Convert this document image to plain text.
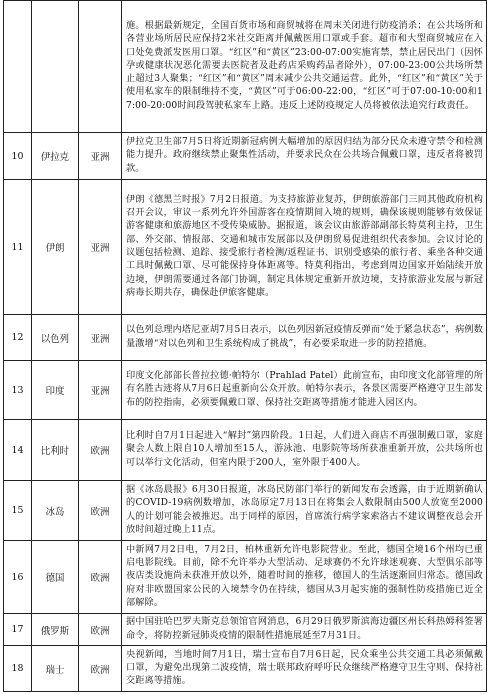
			施。根据最新规定，全国百货市场和商贸城将在周末关闭进行防疫消杀；在公共场所和各营业场所居民应保持2米社交距离并佩戴医用口罩或手套。超市和大型商贸城应在入口处免费派发医用口罩。“红区”和“黄区”23:00-07:00实施宵禁，禁止居民出门（因怀孕或健康状况恶化需要去医院者及赴药店采购药品者除外），07:00-23:00公共场所禁止超过3人聚集；“红区”和“黄区”周末减少公共交通运营。此外，“红区”和“黄区”关于使用私家车的限制维持不变，“黄区”可于06:00-22:00，“红区”可于07:00-10:00和17:00-20:00时间段驾驶私家车上路。违反上述防疫规定人员将被依法追究行政责任。
10	伊拉克	亚洲	伊拉克卫生部7月5日将近期新冠病例大幅增加的原因归结为部分民众未遵守禁令和检测能力提升。政府继续禁止聚集性活动，并要求民众在公共场合佩戴口罩，违反者将被罚款。
11	伊朗	亚洲	伊朗《德黑兰时报》7月2日报道。为支持旅游业复苏，伊朗旅游部门三同其他政府机构召开会议，审议一系列允许外国游客在疫情期间入境的规则，确保该规则能够有效保证游客健康和旅游地区不受传染威胁。据报道，该会议由旅游部副部长特莫利主持，卫生部、外交部、情报部、交通和城市发展部以及伊朗贸易促进组织代表参加。会议讨论的议题包括检测、追踪、接受旅行者检测/返程证书、识别受感染的旅行者、乘坐各种交通工具时佩戴口罩、尽可能保持身体距离等。特莫利指出，考虑到周边国家开始陆续开放边境，伊朗需要通过各部门协调，制定具体规定重新开放边境，支持旅游业发展与新冠病毒长期共存，确保赴伊旅客健康。
12	以色列	亚洲	以色列总理内塔尼亚胡7月5日表示，以色列因新冠疫情反弹而“处于紧急状态”，病例数量激增“对以色列和卫生系统构成了挑战”，有必要采取进一步的防控措施。
13	印度	亚洲	印度文化部部长普拉拉德·帕特尔（Prahlad Patel）此前宣布，由印度文化部管理的所有名胜古迹将从7月6日起重新向公众开放。帕特尔表示，各景区需要严格遵守卫生部发布的防控指南，必须要佩戴口罩、保持社交距离等措施才能进入园区内。
14	比利时	欧洲	比利时自7月1日起进入“解封”第四阶段。1日起，人们进入商店不再强制戴口罩，家庭聚会人数上限自10人增加至15人，游泳池、电影院等场所获准重新开放，公共场所也可以举行文化活动，但室内限于200人，室外限于400人。
15	冰岛	欧洲	据《冰岛晨报》6月30日报道，冰岛民防部门举行的新闻发布会透露，由于近期新确认的COVID-19病例数增加，冰岛原定7月13日在将集会人数限制由500人放宽至2000人的计划可能会被推迟。出于同样的原因，首席流行病学家索洛古不建议调整夜总会开放时间超过晚上11点。
16	德国	欧洲	中新网7月2日电，7月2日，柏林重新允许电影院营业。至此，德国全境16个州均已重启电影院线。目前，除不允许举办大型活动、足球赛仍不允许球迷观赛、大型俱乐部等夜店类设施尚未获准开放以外，随着时间的推移，德国人的生活逐渐回归常态。德国政府对非欧盟国家公民的入境禁令仍在持续，德国从3月起实施的强制性防疫措施已近全部解除。
17	俄罗斯	欧洲	据中国驻哈巴罗夫斯克总领馆官网消息，6月29日俄罗斯滨海边疆区州长科热姆科签署命令，将防控新冠肺炎疫情的限制性措施展延至7月31日。
18	瑞士	欧洲	央视新闻，当地时间7月1日，瑞士宣布自7月6日起，民众乘坐公共交通工具必须佩戴口罩，为避免出现第二波疫情，瑞士联邦政府呼吁民众继续严格遵守卫生守则、保持社交距离等措施。
